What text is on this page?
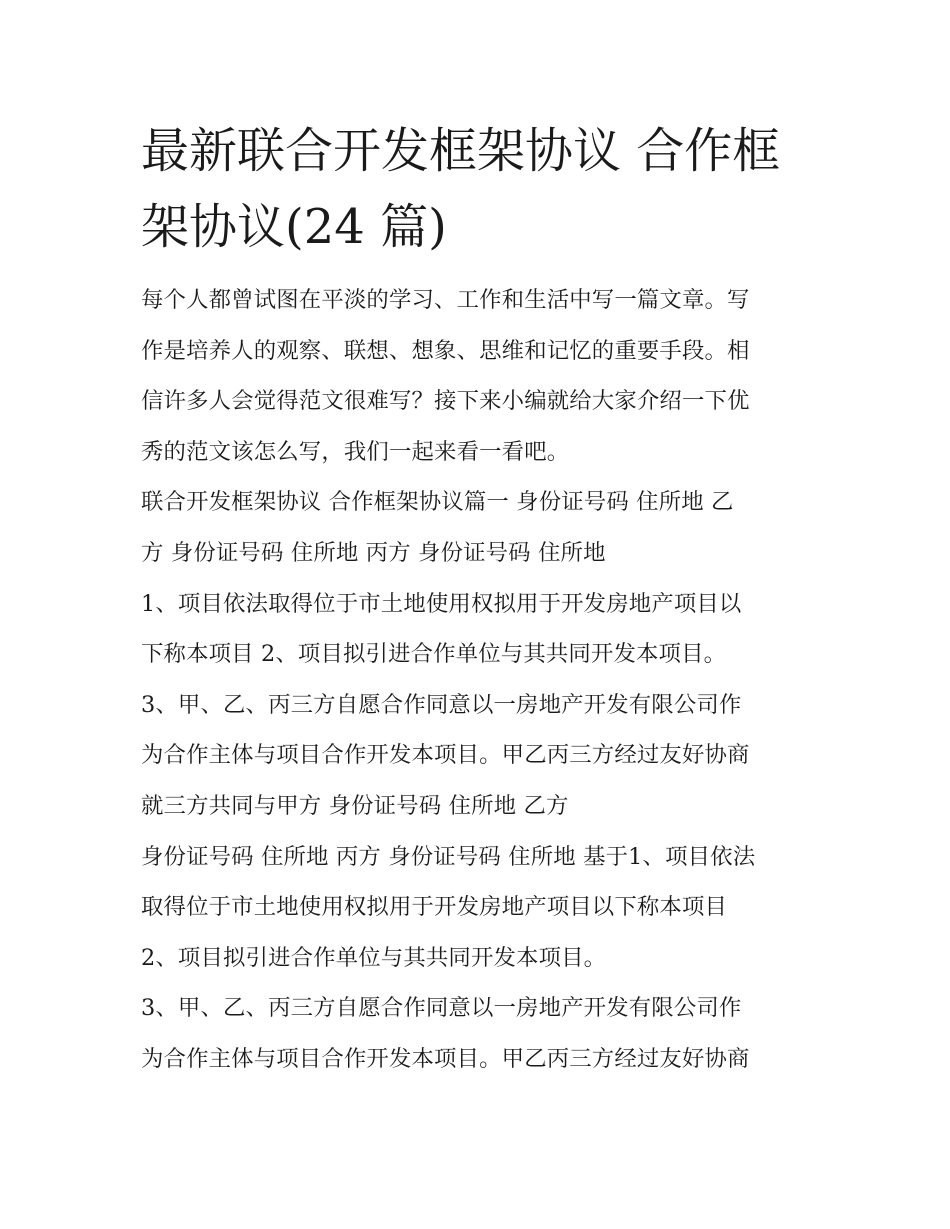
最新联合开发框架协议 合作框
架协议(24 篇)
每个人都曾试图在平淡的学习、工作和生活中写一篇文章。写
作是培养人的观察、联想、想象、思维和记忆的重要手段。相
信许多人会觉得范文很难写？接下来小编就给大家介绍一下优
秀的范文该怎么写，我们一起来看一看吧。
联合开发框架协议 合作框架协议篇一 身份证号码 住所地 乙
方 身份证号码 住所地 丙方 身份证号码 住所地
1、项目依法取得位于市土地使用权拟用于开发房地产项目以
下称本项目 2、项目拟引进合作单位与其共同开发本项目。
3、甲、乙、丙三方自愿合作同意以一房地产开发有限公司作
为合作主体与项目合作开发本项目。甲乙丙三方经过友好协商
就三方共同与甲方 身份证号码 住所地 乙方
身份证号码 住所地 丙方 身份证号码 住所地 基于1、项目依法
取得位于市土地使用权拟用于开发房地产项目以下称本项目
2、项目拟引进合作单位与其共同开发本项目。
3、甲、乙、丙三方自愿合作同意以一房地产开发有限公司作
为合作主体与项目合作开发本项目。甲乙丙三方经过友好协商
